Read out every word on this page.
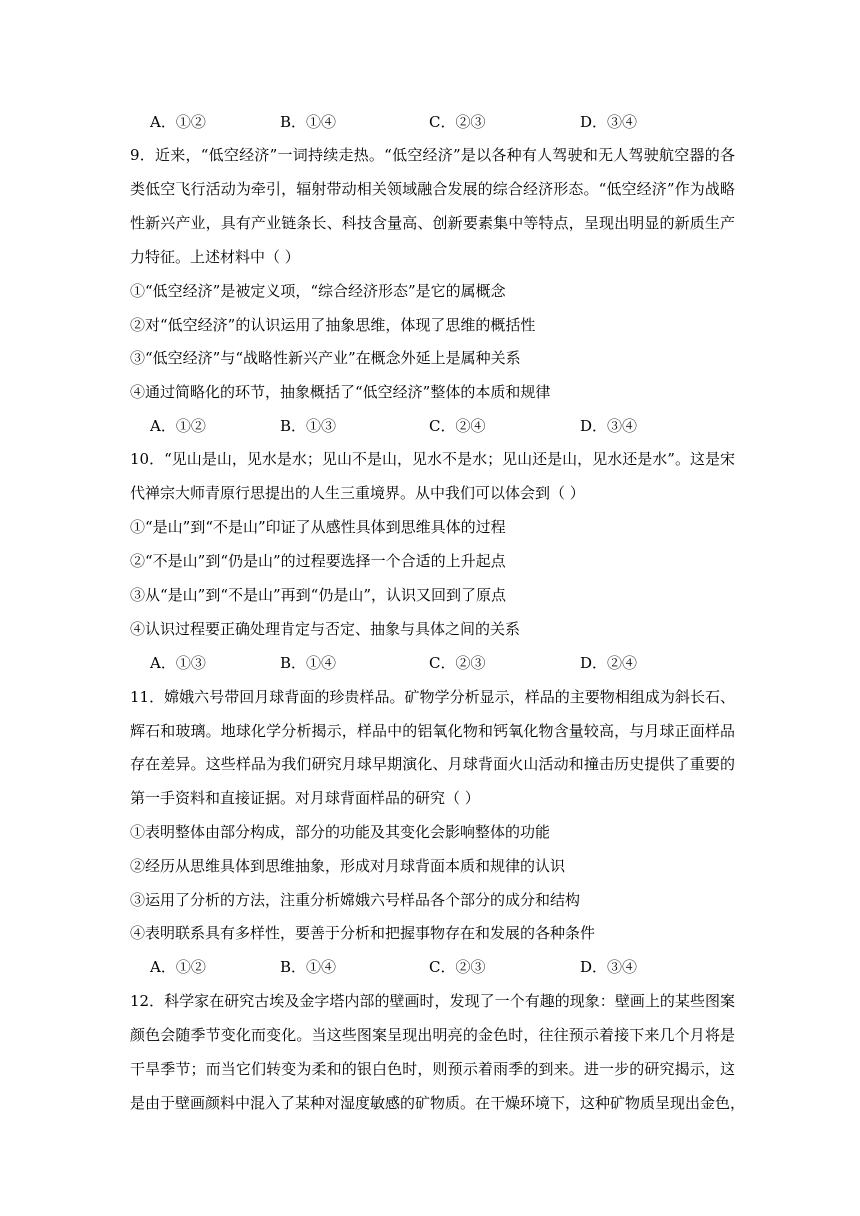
A．①②	B．①④	C．②③	D．③④
9．近来，“低空经济”一词持续走热。“低空经济”是以各种有人驾驶和无人驾驶航空器的各
类低空飞行活动为牵引，辐射带动相关领域融合发展的综合经济形态。“低空经济”作为战略
性新兴产业，具有产业链条长、科技含量高、创新要素集中等特点，呈现出明显的新质生产
力特征。上述材料中（ ）
①“低空经济”是被定义项，“综合经济形态”是它的属概念
②对“低空经济”的认识运用了抽象思维，体现了思维的概括性
③“低空经济”与“战略性新兴产业”在概念外延上是属种关系
④通过简略化的环节，抽象概括了“低空经济”整体的本质和规律
A．①②	B．①③	C．②④	D．③④
10．“见山是山，见水是水；见山不是山，见水不是水；见山还是山，见水还是水”。这是宋
代禅宗大师青原行思提出的人生三重境界。从中我们可以体会到（ ）
①“是山”到“不是山”印证了从感性具体到思维具体的过程
②“不是山”到“仍是山”的过程要选择一个合适的上升起点
③从“是山”到“不是山”再到“仍是山”，认识又回到了原点
④认识过程要正确处理肯定与否定、抽象与具体之间的关系
A．①③	B．①④	C．②③	D．②④
11．嫦娥六号带回月球背面的珍贵样品。矿物学分析显示，样品的主要物相组成为斜长石、
辉石和玻璃。地球化学分析揭示，样品中的铝氧化物和钙氧化物含量较高，与月球正面样品
存在差异。这些样品为我们研究月球早期演化、月球背面火山活动和撞击历史提供了重要的
第一手资料和直接证据。对月球背面样品的研究（ ）
①表明整体由部分构成，部分的功能及其变化会影响整体的功能
②经历从思维具体到思维抽象，形成对月球背面本质和规律的认识
③运用了分析的方法，注重分析嫦娥六号样品各个部分的成分和结构
④表明联系具有多样性，要善于分析和把握事物存在和发展的各种条件
A．①②	B．①④	C．②③	D．③④
12．科学家在研究古埃及金字塔内部的壁画时，发现了一个有趣的现象：壁画上的某些图案
颜色会随季节变化而变化。当这些图案呈现出明亮的金色时，往往预示着接下来几个月将是
干旱季节；而当它们转变为柔和的银白色时，则预示着雨季的到来。进一步的研究揭示，这
是由于壁画颜料中混入了某种对湿度敏感的矿物质。在干燥环境下，这种矿物质呈现出金色，
